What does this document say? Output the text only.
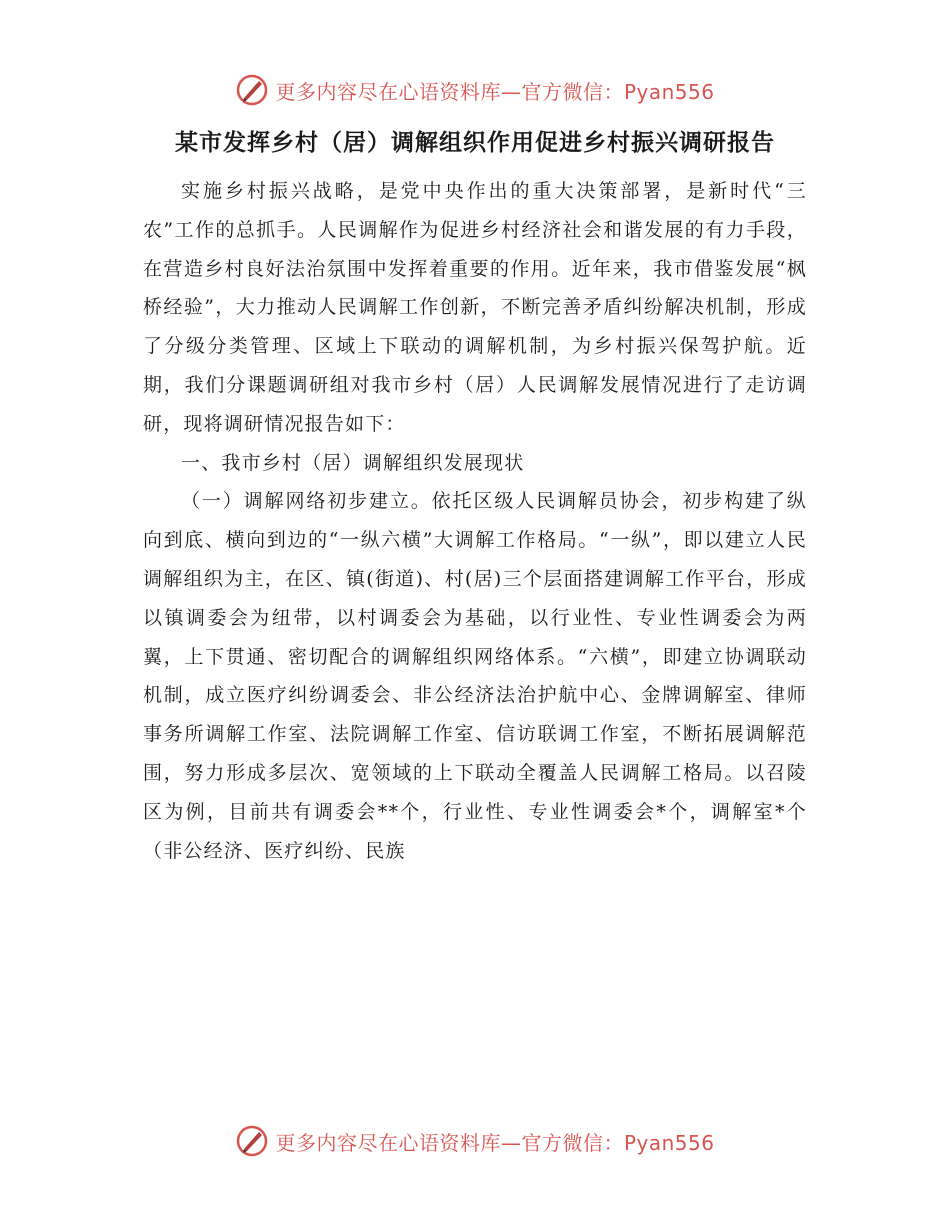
更多内容尽在心语资料库—官方微信：Pyan556
某市发挥乡村（居）调解组织作用促进乡村振兴调研报告

实施乡村振兴战略，是党中央作出的重大决策部署，是新时代“三农”工作的总抓手。人民调解作为促进乡村经济社会和谐发展的有力手段，在营造乡村良好法治氛围中发挥着重要的作用。近年来，我市借鉴发展“枫桥经验”，大力推动人民调解工作创新，不断完善矛盾纠纷解决机制，形成了分级分类管理、区域上下联动的调解机制，为乡村振兴保驾护航。近期，我们分课题调研组对我市乡村（居）人民调解发展情况进行了走访调研，现将调研情况报告如下：

一、我市乡村（居）调解组织发展现状

（一）调解网络初步建立。依托区级人民调解员协会，初步构建了纵向到底、横向到边的“一纵六横”大调解工作格局。“一纵”，即以建立人民调解组织为主，在区、镇(街道)、村(居)三个层面搭建调解工作平台，形成以镇调委会为纽带，以村调委会为基础，以行业性、专业性调委会为两翼，上下贯通、密切配合的调解组织网络体系。“六横”，即建立协调联动机制，成立医疗纠纷调委会、非公经济法治护航中心、金牌调解室、律师事务所调解工作室、法院调解工作室、信访联调工作室，不断拓展调解范围，努力形成多层次、宽领域的上下联动全覆盖人民调解工格局。以召陵区为例，目前共有调委会**个，行业性、专业性调委会*个，调解室*个（非公经济、医疗纠纷、民族

更多内容尽在心语资料库—官方微信：Pyan556
